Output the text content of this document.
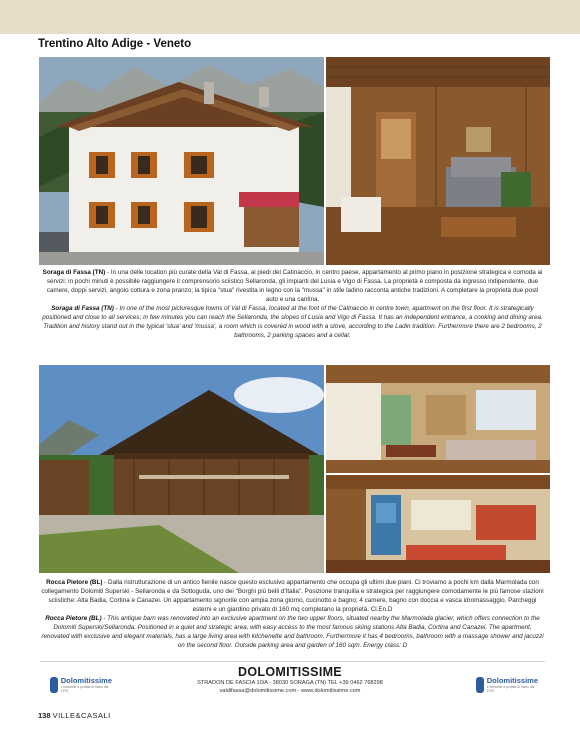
Trentino Alto Adige - Veneto

Soraga di Fassa (TN) - In una delle location più curate della Val di Fassa, ai piedi del Catinaccio, in centro paese, appartamento al primo piano in posizione strategica e comoda ai servizi: in pochi minuti è possibile raggiungere il comprensorio sciistico Sellaronda, gli impianti del Lusia e Vigo di Fassa. La proprietà è composta da ingresso indipendente, due camere, doppi servizi, angolo cottura e zona pranzo; la tipica "stua" rivestita in legno con la "mussa" in stile ladino racconta antiche tradizioni. A completare la proprietà due posti auto e una cantina.

Soraga di Fassa (TN) - In one of the most picturesque towns of Val di Fassa, located at the foot of the Catinaccio in centre town, apartment on the first floor. It is strategically positioned and close to all services; in few minutes you can reach the Sellaronda, the slopes of Lusia and Vigo di Fassa. It has an independent entrance, a cooking and dining area. Tradition and history stand out in the typical 'stua' and 'mussa', a room which is covered in wood with a stove, according to the Ladin tradition. Furthermore there are 2 bedrooms, 2 bathrooms, 2 parking spaces and a cellar.

Rocca Pietore (BL) - Dalla ristrutturazione di un antico fienile nasce questo esclusivo appartamento che occupa gli ultimi due piani. Ci troviamo a pochi km dalla Marmolada con collegamento Dolomiti Superski - Sellaronda e da Sottoguda, uno dei "Borghi più belli d'Italia". Posizione tranquilla e strategica per raggiungere comodamente le più famose stazioni sciistiche: Alta Badia, Cortina e Canazei. Un appartamento signorile con ampia zona giorno, cucinotto e bagno; 4 camere, bagno con doccia e vasca idromassaggio. Parcheggi esterni e un giardino privato di 160 mq completano la proprietà. Cl.En.D

Rocca Pietore (BL) - This antique barn was renovated into an exclusive apartment on the two upper floors, situated nearby the Marmolada glacier, which offers connection to the Dolomiti Superski/Sellaronda. Positioned in a quiet and strategic area, with easy access to the most famous skiing stations Alta Badia, Cortina and Canazei. The apartment, renovated with exclusive and elegant materials, has a large living area with kitchenette and bathroom. Furthermore it has 4 bedrooms, bathroom with a massage shower and jacuzzi on the second floor. Outside parking area and garden of 160 sqm. Energy class: D

Dolomitissime
L'immobile a portata di mano dal 1975
DOLOMITISSIME
STRADON DE FASCIA 10/A - 38030 SORAGA (TN) TEL +39 0462 768298
valdifassa@dolomitissime.com - www.dolomitissime.com
Dolomitissime
L'immobile a portata di mano dal 1975
138 VILLE&CASALI
